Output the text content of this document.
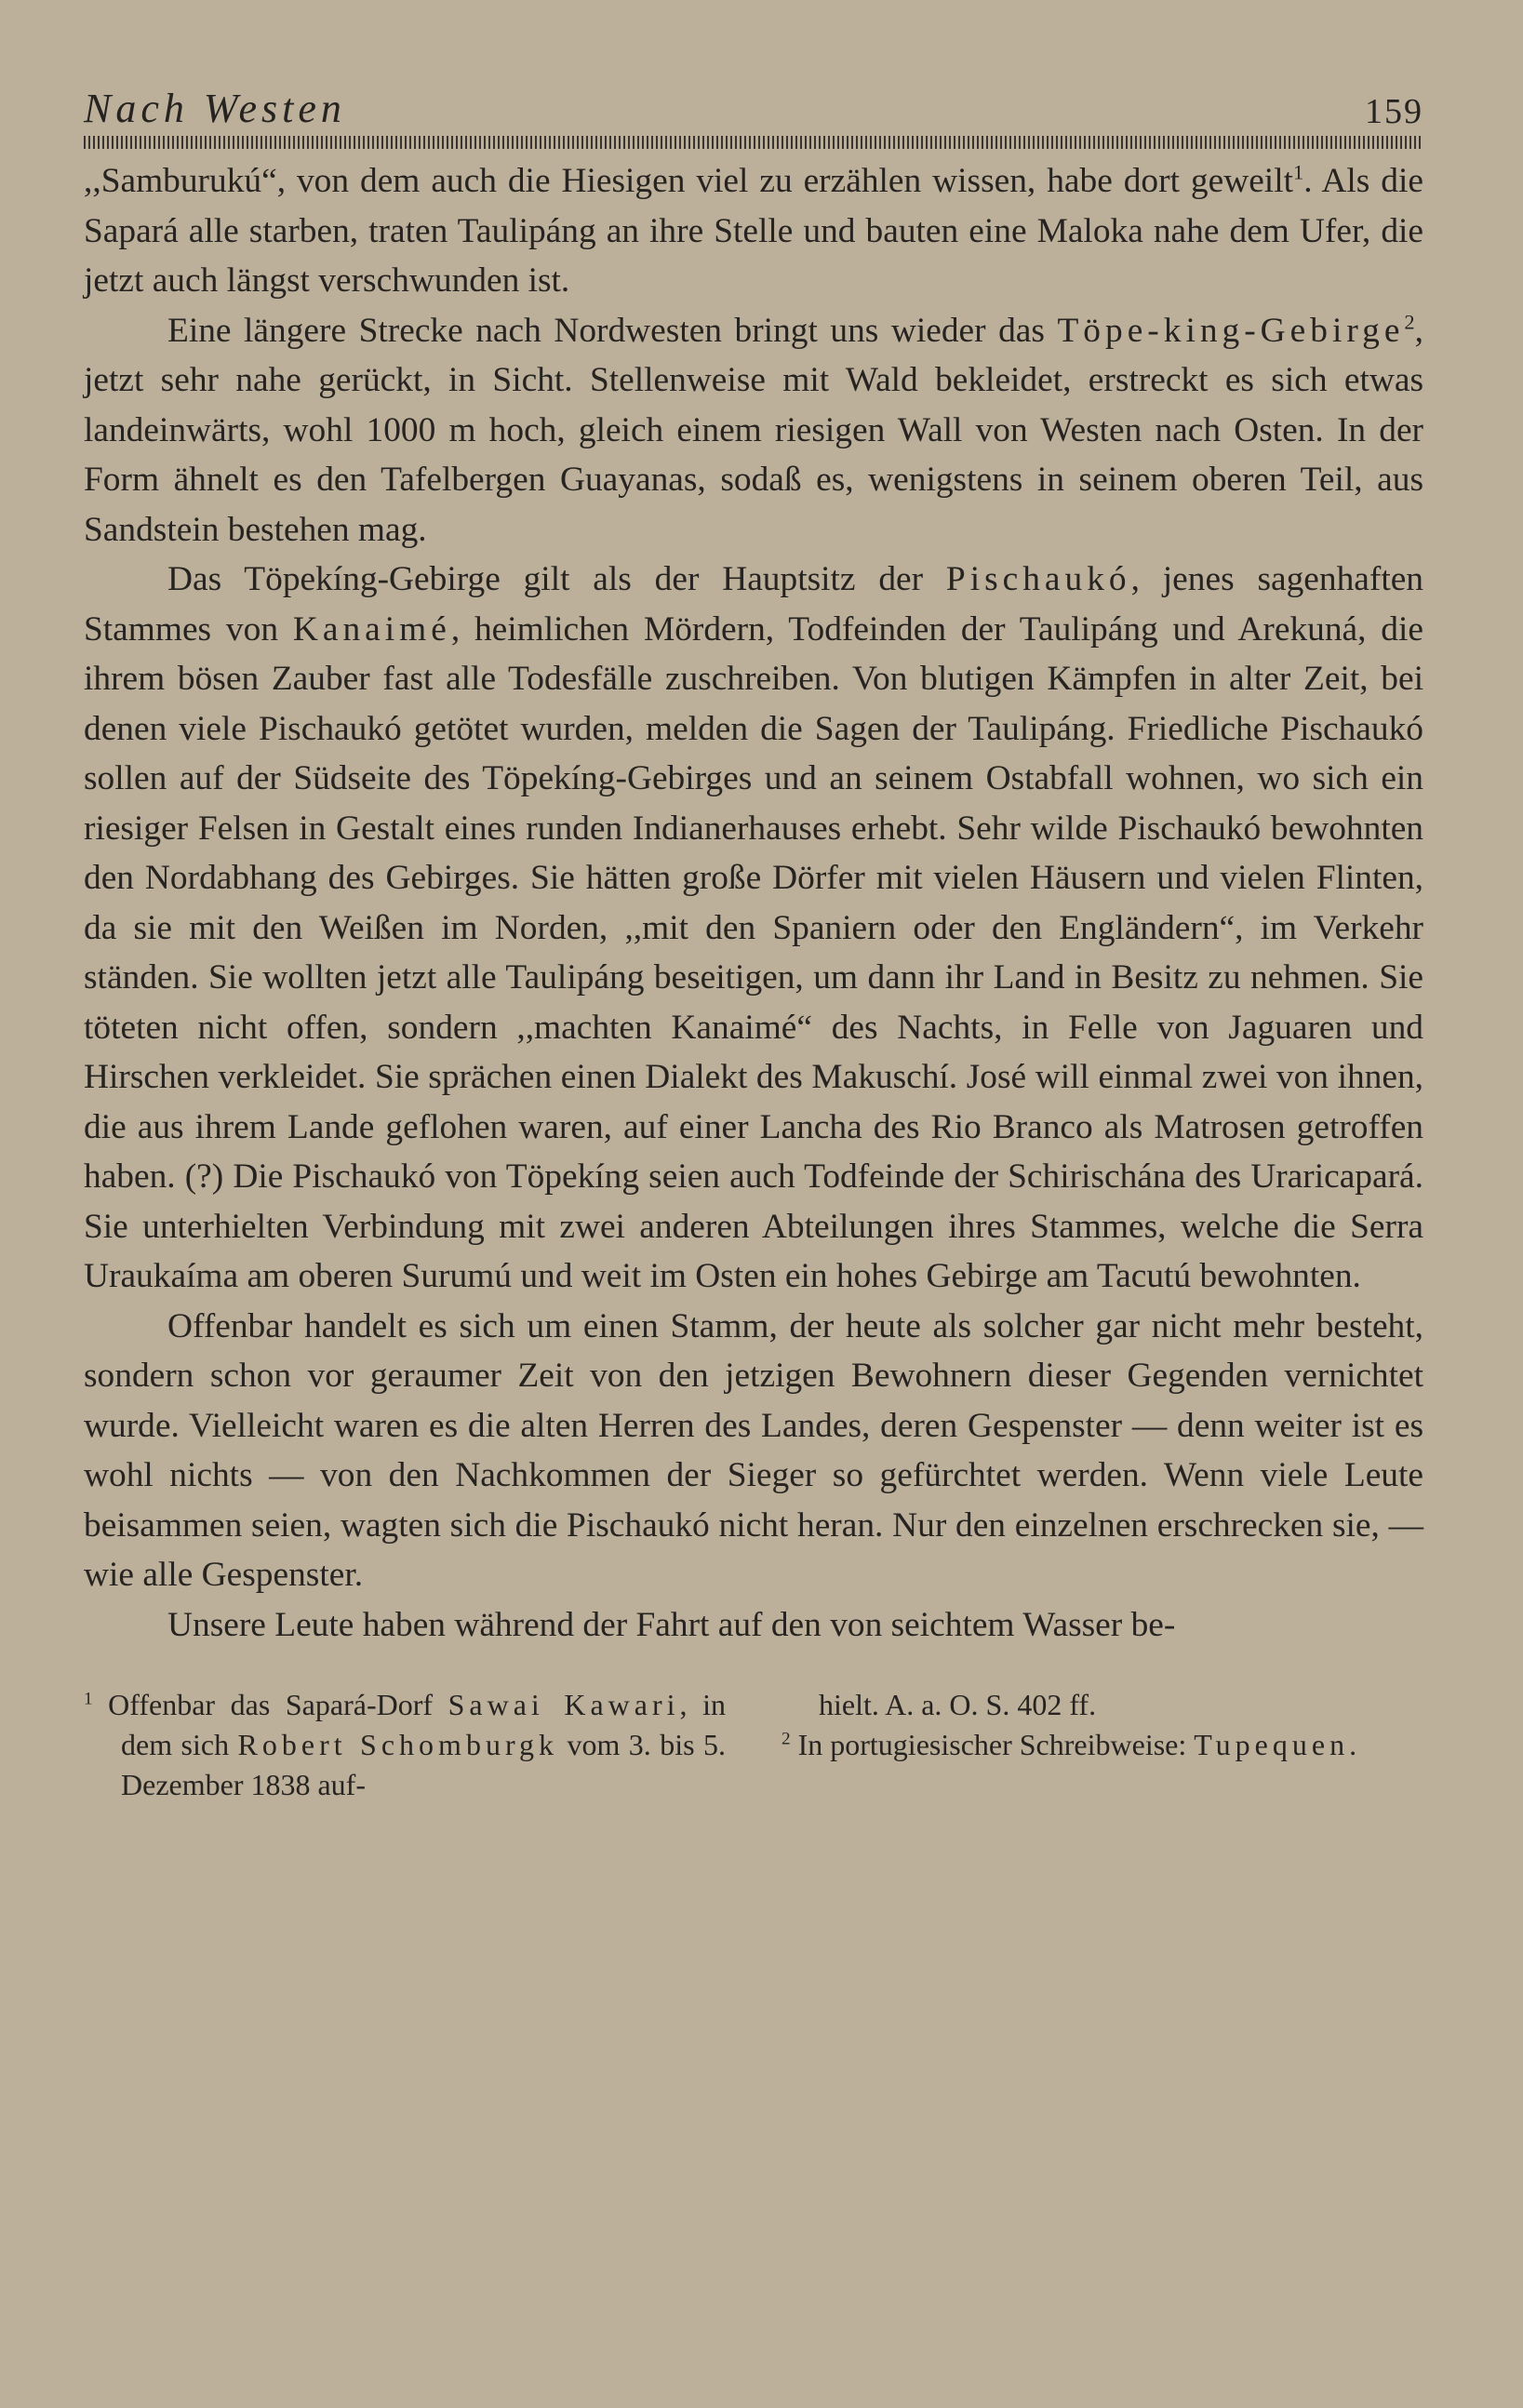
Nach Westen	159

,,Samburukú“, von dem auch die Hiesigen viel zu erzählen wissen, habe dort geweilt$^1$. Als die Sapará alle starben, traten Taulipáng an ihre Stelle und bauten eine Maloka nahe dem Ufer, die jetzt auch längst verschwunden ist.

Eine längere Strecke nach Nordwesten bringt uns wieder das Töpe-king-Gebirge$^2$, jetzt sehr nahe gerückt, in Sicht. Stellenweise mit Wald bekleidet, erstreckt es sich etwas landeinwärts, wohl 1000 m hoch, gleich einem riesigen Wall von Westen nach Osten. In der Form ähnelt es den Tafelbergen Guayanas, sodaß es, wenigstens in seinem oberen Teil, aus Sandstein bestehen mag.

Das Töpekíng-Gebirge gilt als der Hauptsitz der Pischaukó, jenes sagenhaften Stammes von Kanaimé, heimlichen Mördern, Todfeinden der Taulipáng und Arekuná, die ihrem bösen Zauber fast alle Todesfälle zuschreiben. Von blutigen Kämpfen in alter Zeit, bei denen viele Pischaukó getötet wurden, melden die Sagen der Taulipáng. Friedliche Pischaukó sollen auf der Südseite des Töpekíng-Gebirges und an seinem Ostabfall wohnen, wo sich ein riesiger Felsen in Gestalt eines runden Indianerhauses erhebt. Sehr wilde Pischaukó bewohnten den Nordabhang des Gebirges. Sie hätten große Dörfer mit vielen Häusern und vielen Flinten, da sie mit den Weißen im Norden, ,,mit den Spaniern oder den Engländern“, im Verkehr ständen. Sie wollten jetzt alle Taulipáng beseitigen, um dann ihr Land in Besitz zu nehmen. Sie töteten nicht offen, sondern ,,machten Kanaimé“ des Nachts, in Felle von Jaguaren und Hirschen verkleidet. Sie sprächen einen Dialekt des Makuschí. José will einmal zwei von ihnen, die aus ihrem Lande geflohen waren, auf einer Lancha des Rio Branco als Matrosen getroffen haben. (?) Die Pischaukó von Töpekíng seien auch Todfeinde der Schirischána des Uraricapará. Sie unterhielten Verbindung mit zwei anderen Abteilungen ihres Stammes, welche die Serra Uraukaíma am oberen Surumú und weit im Osten ein hohes Gebirge am Tacutú bewohnten.

Offenbar handelt es sich um einen Stamm, der heute als solcher gar nicht mehr besteht, sondern schon vor geraumer Zeit von den jetzigen Bewohnern dieser Gegenden vernichtet wurde. Vielleicht waren es die alten Herren des Landes, deren Gespenster — denn weiter ist es wohl nichts — von den Nachkommen der Sieger so gefürchtet werden. Wenn viele Leute beisammen seien, wagten sich die Pischaukó nicht heran. Nur den einzelnen erschrecken sie, — wie alle Gespenster.

Unsere Leute haben während der Fahrt auf den von seichtem Wasser be-

$^1$ Offenbar das Sapará-Dorf Sawai Kawari, in dem sich Robert Schomburgk vom 3. bis 5. Dezember 1838 auf-

hielt. A. a. O. S. 402 ff.

$^2$ In portugiesischer Schreibweise: Tupequen.
